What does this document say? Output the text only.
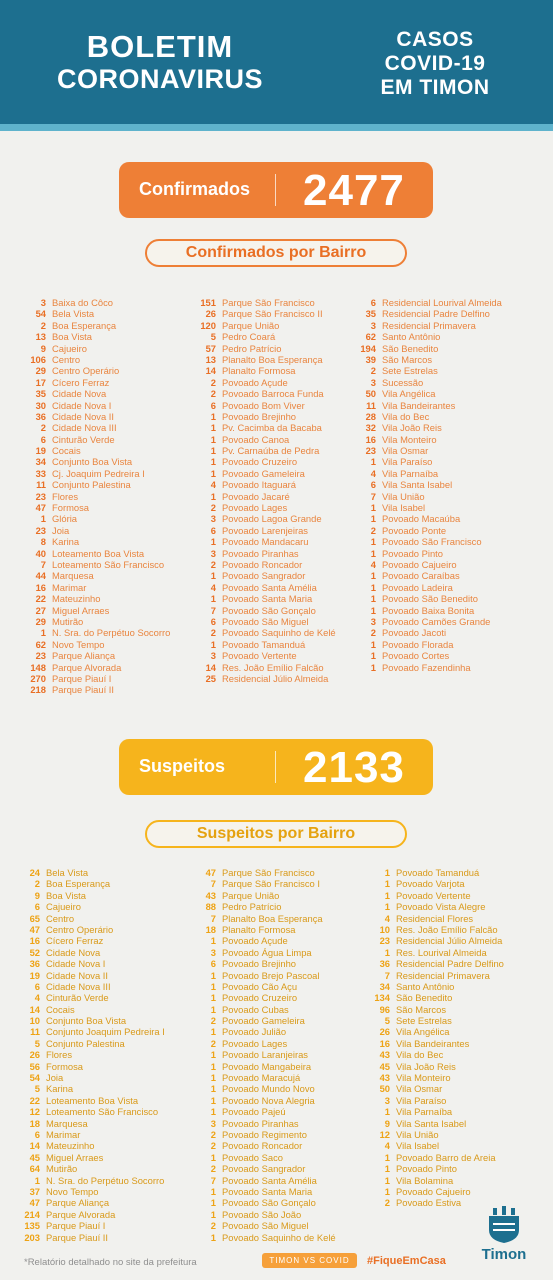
BOLETIM
CORONAVIRUS
CASOS
COVID-19
EM TIMON
Confirmados 2477
Confirmados por Bairro
3 Baixa do Côco
54 Bela Vista
2 Boa Esperança
13 Boa Vista
9 Cajueiro
106 Centro
29 Centro Operário
17 Cícero Ferraz
35 Cidade Nova
30 Cidade Nova I
36 Cidade Nova II
2 Cidade Nova III
6 Cinturão Verde
19 Cocais
34 Conjunto Boa Vista
33 Cj. Joaquim Pedreira I
11 Conjunto Palestina
23 Flores
47 Formosa
1 Glória
23 Joia
8 Karina
40 Loteamento Boa Vista
7 Loteamento São Francisco
44 Marquesa
16 Marimar
22 Mateuzinho
27 Miguel Arraes
29 Mutirão
1 N. Sra. do Perpétuo Socorro
62 Novo Tempo
23 Parque Aliança
148 Parque Alvorada
270 Parque Piauí I
218 Parque Piauí II
151 Parque São Francisco
26 Parque São Francisco II
120 Parque União
5 Pedro Coará
57 Pedro Patrício
13 Planalto Boa Esperança
14 Planalto Formosa
2 Povoado Açude
2 Povoado Barroca Funda
6 Povoado Bom Viver
1 Povoado Brejinho
1 Pv. Cacimba da Bacaba
1 Povoado Canoa
1 Pv. Carnaúba de Pedra
1 Povoado Cruzeiro
1 Povoado Gameleira
4 Povoado Itaguará
1 Povoado Jacaré
2 Povoado Lages
3 Povoado Lagoa Grande
6 Povoado Larenjeiras
1 Povoado Mandacaru
3 Povoado Piranhas
2 Povoado Roncador
1 Povoado Sangrador
4 Povoado Santa Amélia
1 Povoado Santa Maria
7 Povoado São Gonçalo
6 Povoado São Miguel
2 Povoado Saquinho de Kelé
1 Povoado Tamanduá
3 Povoado Vertente
14 Res. João Emílio Falcão
25 Residencial Júlio Almeida
6 Residencial Lourival Almeida
35 Residencial Padre Delfino
3 Residencial Primavera
62 Santo Antônio
194 São Benedito
39 São Marcos
2 Sete Estrelas
3 Sucessão
50 Vila Angélica
11 Vila Bandeirantes
28 Vila do Bec
32 Vila João Reis
16 Vila Monteiro
23 Vila Osmar
1 Vila Paraíso
4 Vila Parnaíba
6 Vila Santa Isabel
7 Vila União
1 Vila Isabel
1 Povoado Macaúba
2 Povoado Ponte
1 Povoado São Francisco
1 Povoado Pinto
4 Povoado Cajueiro
1 Povoado Caraíbas
1 Povoado Ladeira
1 Povoado São Benedito
1 Povoado Baixa Bonita
3 Povoado Camões Grande
2 Povoado Jacoti
1 Povoado Florada
1 Povoado Cortes
1 Povoado Fazendinha
Suspeitos 2133
Suspeitos por Bairro
24 Bela Vista
2 Boa Esperança
9 Boa Vista
6 Cajueiro
65 Centro
47 Centro Operário
16 Cícero Ferraz
52 Cidade Nova
36 Cidade Nova I
19 Cidade Nova II
6 Cidade Nova III
4 Cinturão Verde
14 Cocais
10 Conjunto Boa Vista
11 Conjunto Joaquim Pedreira I
5 Conjunto Palestina
26 Flores
56 Formosa
54 Joia
5 Karina
22 Loteamento Boa Vista
12 Loteamento São Francisco
18 Marquesa
6 Marimar
14 Mateuzinho
45 Miguel Arraes
64 Mutirão
1 N. Sra. do Perpétuo Socorro
37 Novo Tempo
47 Parque Aliança
214 Parque Alvorada
135 Parque Piauí I
203 Parque Piauí II
47 Parque São Francisco
7 Parque São Francisco I
43 Parque União
88 Pedro Patrício
7 Planalto Boa Esperança
18 Planalto Formosa
1 Povoado Açude
3 Povoado Água Limpa
6 Povoado Brejinho
1 Povoado Brejo Pascoal
1 Povoado Cão Açu
1 Povoado Cruzeiro
1 Povoado Cubas
2 Povoado Gameleira
1 Povoado Julião
2 Povoado Lages
1 Povoado Laranjeiras
1 Povoado Mangabeira
1 Povoado Maracujá
1 Povoado Mundo Novo
1 Povoado Nova Alegria
1 Povoado Pajeú
3 Povoado Piranhas
2 Povoado Regimento
2 Povoado Roncador
1 Povoado Saco
2 Povoado Sangrador
7 Povoado Santa Amélia
1 Povoado Santa Maria
1 Povoado São Gonçalo
1 Povoado São João
2 Povoado São Miguel
1 Povoado Saquinho de Kelé
1 Povoado Tamanduá
1 Povoado Varjota
1 Povoado Vertente
1 Povoado Vista Alegre
4 Residencial Flores
10 Res. João Emílio Falcão
23 Residencial Júlio Almeida
1 Res. Lourival Almeida
36 Residencial Padre Delfino
7 Residencial Primavera
34 Santo Antônio
134 São Benedito
96 São Marcos
5 Sete Estrelas
26 Vila Angélica
16 Vila Bandeirantes
43 Vila do Bec
45 Vila João Reis
43 Vila Monteiro
50 Vila Osmar
3 Vila Paraíso
1 Vila Parnaíba
9 Vila Santa Isabel
12 Vila União
4 Vila Isabel
1 Povoado Barro de Areia
1 Povoado Pinto
1 Vila Bolamina
1 Povoado Cajueiro
2 Povoado Estiva
*Relatório detalhado no site da prefeitura	TIMON VS COVID	#FiqueEmCasa	Timon
